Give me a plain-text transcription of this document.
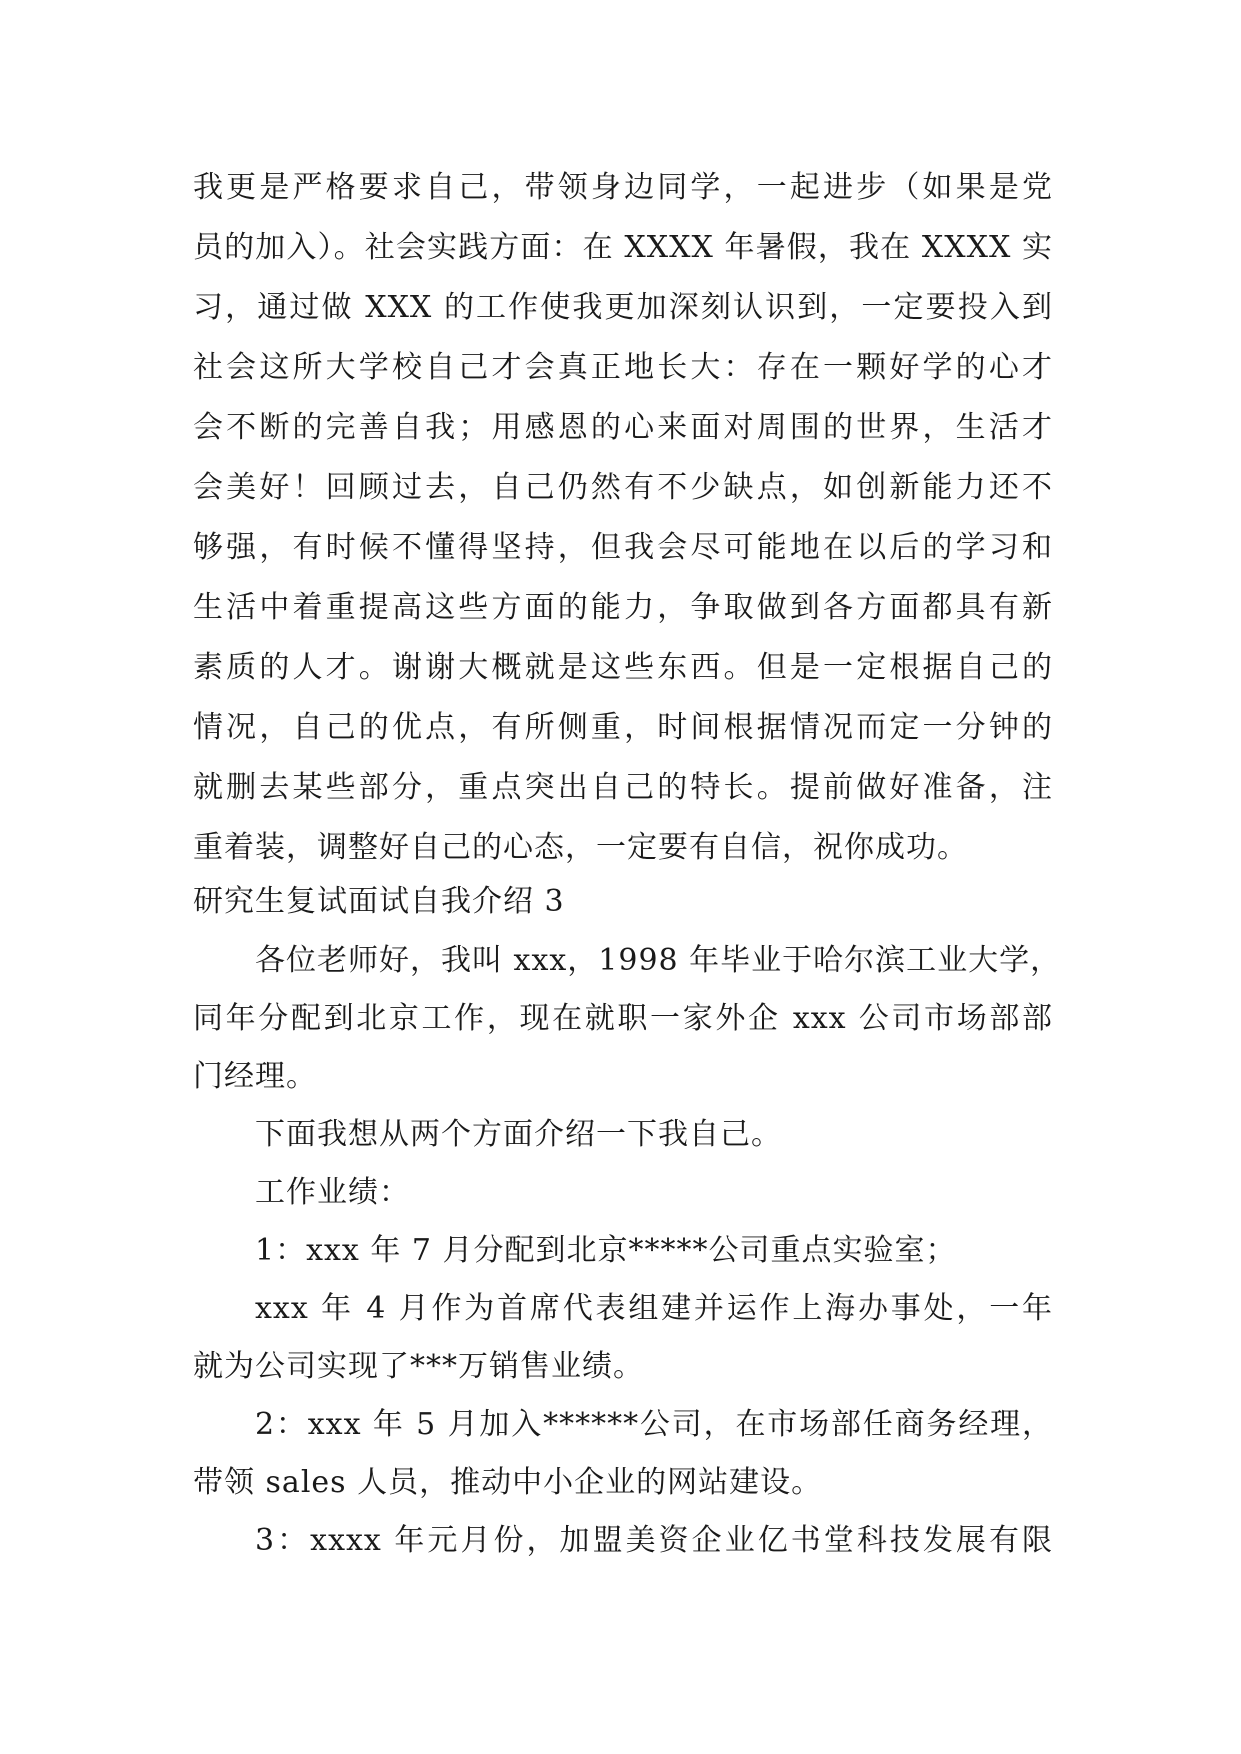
我更是严格要求自己，带领身边同学，一起进步（如果是党
员的加入）。社会实践方面：在 XXXX 年暑假，我在 XXXX 实
习，通过做 XXX 的工作使我更加深刻认识到，一定要投入到
社会这所大学校自己才会真正地长大：存在一颗好学的心才
会不断的完善自我；用感恩的心来面对周围的世界，生活才
会美好！回顾过去，自己仍然有不少缺点，如创新能力还不
够强，有时候不懂得坚持，但我会尽可能地在以后的学习和
生活中着重提高这些方面的能力，争取做到各方面都具有新
素质的人才。谢谢大概就是这些东西。但是一定根据自己的
情况，自己的优点，有所侧重，时间根据情况而定一分钟的
就删去某些部分，重点突出自己的特长。提前做好准备，注
重着装，调整好自己的心态，一定要有自信，祝你成功。
研究生复试面试自我介绍 3
各位老师好，我叫 xxx，1998 年毕业于哈尔滨工业大学，
同年分配到北京工作，现在就职一家外企 xxx 公司市场部部
门经理。
下面我想从两个方面介绍一下我自己。
工作业绩：
1：xxx 年 7 月分配到北京*****公司重点实验室；
xxx 年 4 月作为首席代表组建并运作上海办事处，一年
就为公司实现了***万销售业绩。
2：xxx 年 5 月加入******公司，在市场部任商务经理，
带领 sales 人员，推动中小企业的网站建设。
3：xxxx 年元月份，加盟美资企业亿书堂科技发展有限
